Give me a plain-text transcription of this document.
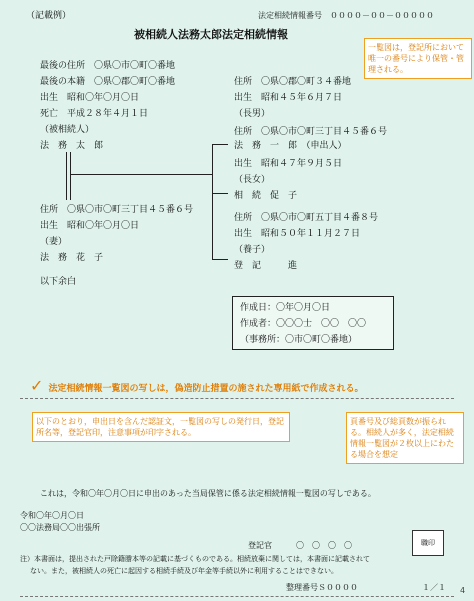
（記載例）	法定相続情報番号　００００－００－０００００
被相続人法務太郎法定相続情報
一覧図は，登記所において唯一の番号により保管・管理される。
最後の住所　〇県〇市〇町〇番地
最後の本籍　〇県〇郡〇町〇番地
出生　昭和〇年〇月〇日
死亡　平成２８年４月１日
（被相続人）
法　務　太　郎
住所　〇県〇市〇町三丁目４５番６号
出生　昭和〇年〇月〇日
（妻）
法　務　花　子
住所　〇県〇郡〇町３４番地
出生　昭和４５年６月７日
（長男）
法　務　一　郎　（申出人）
住所　〇県〇市〇町三丁目４５番６号
出生　昭和４７年９月５日
（長女）
相　続　促　子
住所　〇県〇市〇町五丁目４番８号
出生　昭和５０年１１月２７日
（養子）
登　記　　　進
以下余白
作成日：〇年〇月〇日
作成者：〇〇〇士　〇〇　〇〇
（事務所：〇市〇町〇番地）
✓ 法定相続情報一覧図の写しは，偽造防止措置の施された専用紙で作成される。
以下のとおり，申出日を含んだ認証文，一覧図の写しの発行日，登記所名等，登記官印，注意事項が印字される。
頁番号及び総頁数が振られる。相続人が多く，法定相続情報一覧図が２枚以上にわたる場合を想定
これは，令和〇年〇月〇日に申出のあった当局保管に係る法定相続情報一覧図の写しである。
令和〇年〇月〇日
〇〇法務局〇〇出張所
登記官　　　〇　〇　〇　〇	職印
注）本書面は，提出された戸除籍謄本等の記載に基づくものである。相続放棄に関しては，本書面に記載されて
ない。また，被相続人の死亡に起因する相続手続及び年金等手続以外に利用することはできない。
整理番号Ｓ００００	１／１ 4
